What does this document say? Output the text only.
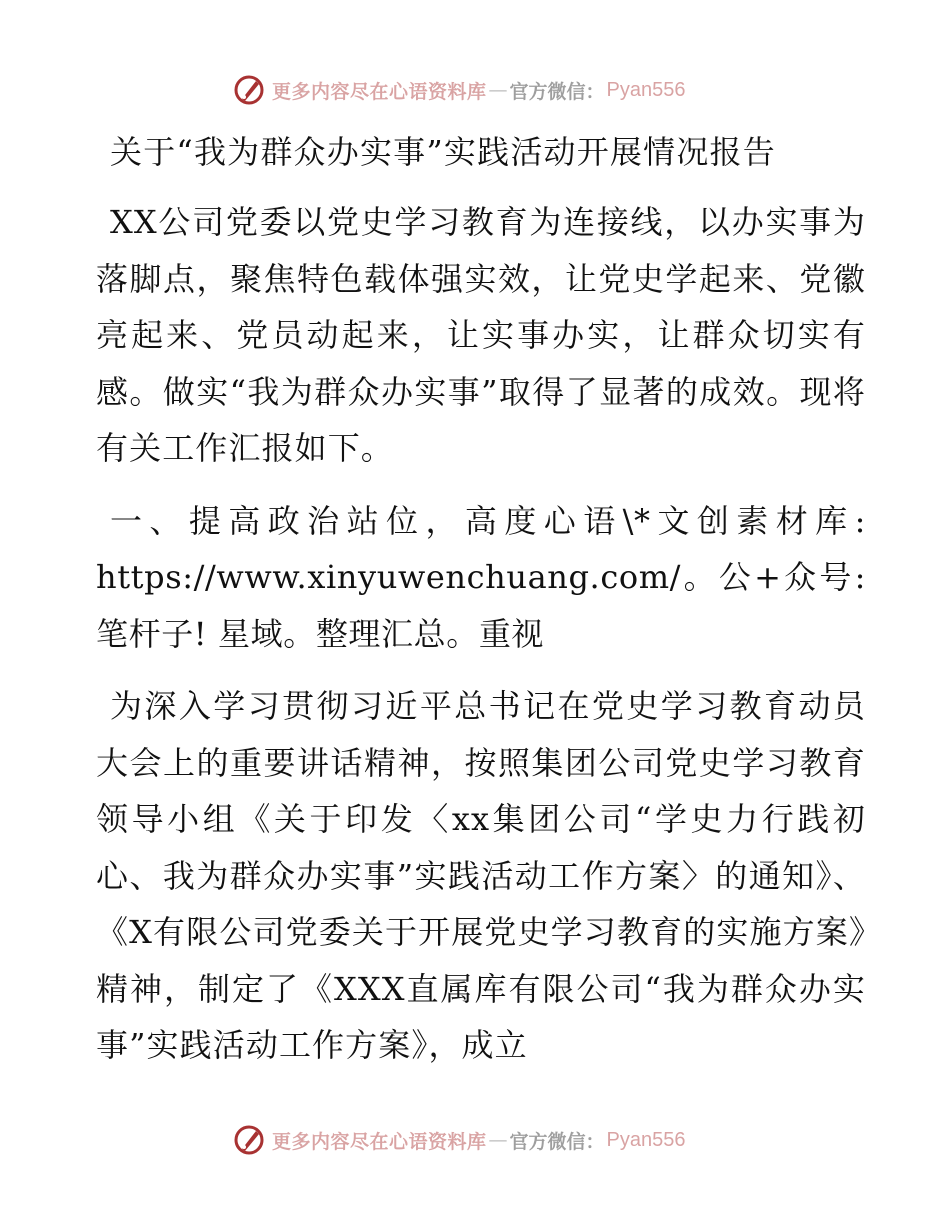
更多内容尽在心语资料库 — 官方微信： Pyan556
关于“我为群众办实事”实践活动开展情况报告

XX公司党委以党史学习教育为连接线，以办实事为落脚点，聚焦特色载体强实效，让党史学起来、党徽亮起来、党员动起来，让实事办实，让群众切实有感。做实“我为群众办实事”取得了显著的成效。现将有关工作汇报如下。

一、提高政治站位，高度心语\*文创素材库: https://www.xinyuwenchuang.com/。公+众号: 笔杆子! 星域。整理汇总。重视

为深入学习贯彻习近平总书记在党史学习教育动员大会上的重要讲话精神，按照集团公司党史学习教育领导小组《关于印发〈xx集团公司“学史力行践初心、我为群众办实事”实践活动工作方案〉的通知》、《X有限公司党委关于开展党史学习教育的实施方案》精神，制定了《XXX直属库有限公司“我为群众办实事”实践活动工作方案》，成立

更多内容尽在心语资料库 — 官方微信： Pyan556
